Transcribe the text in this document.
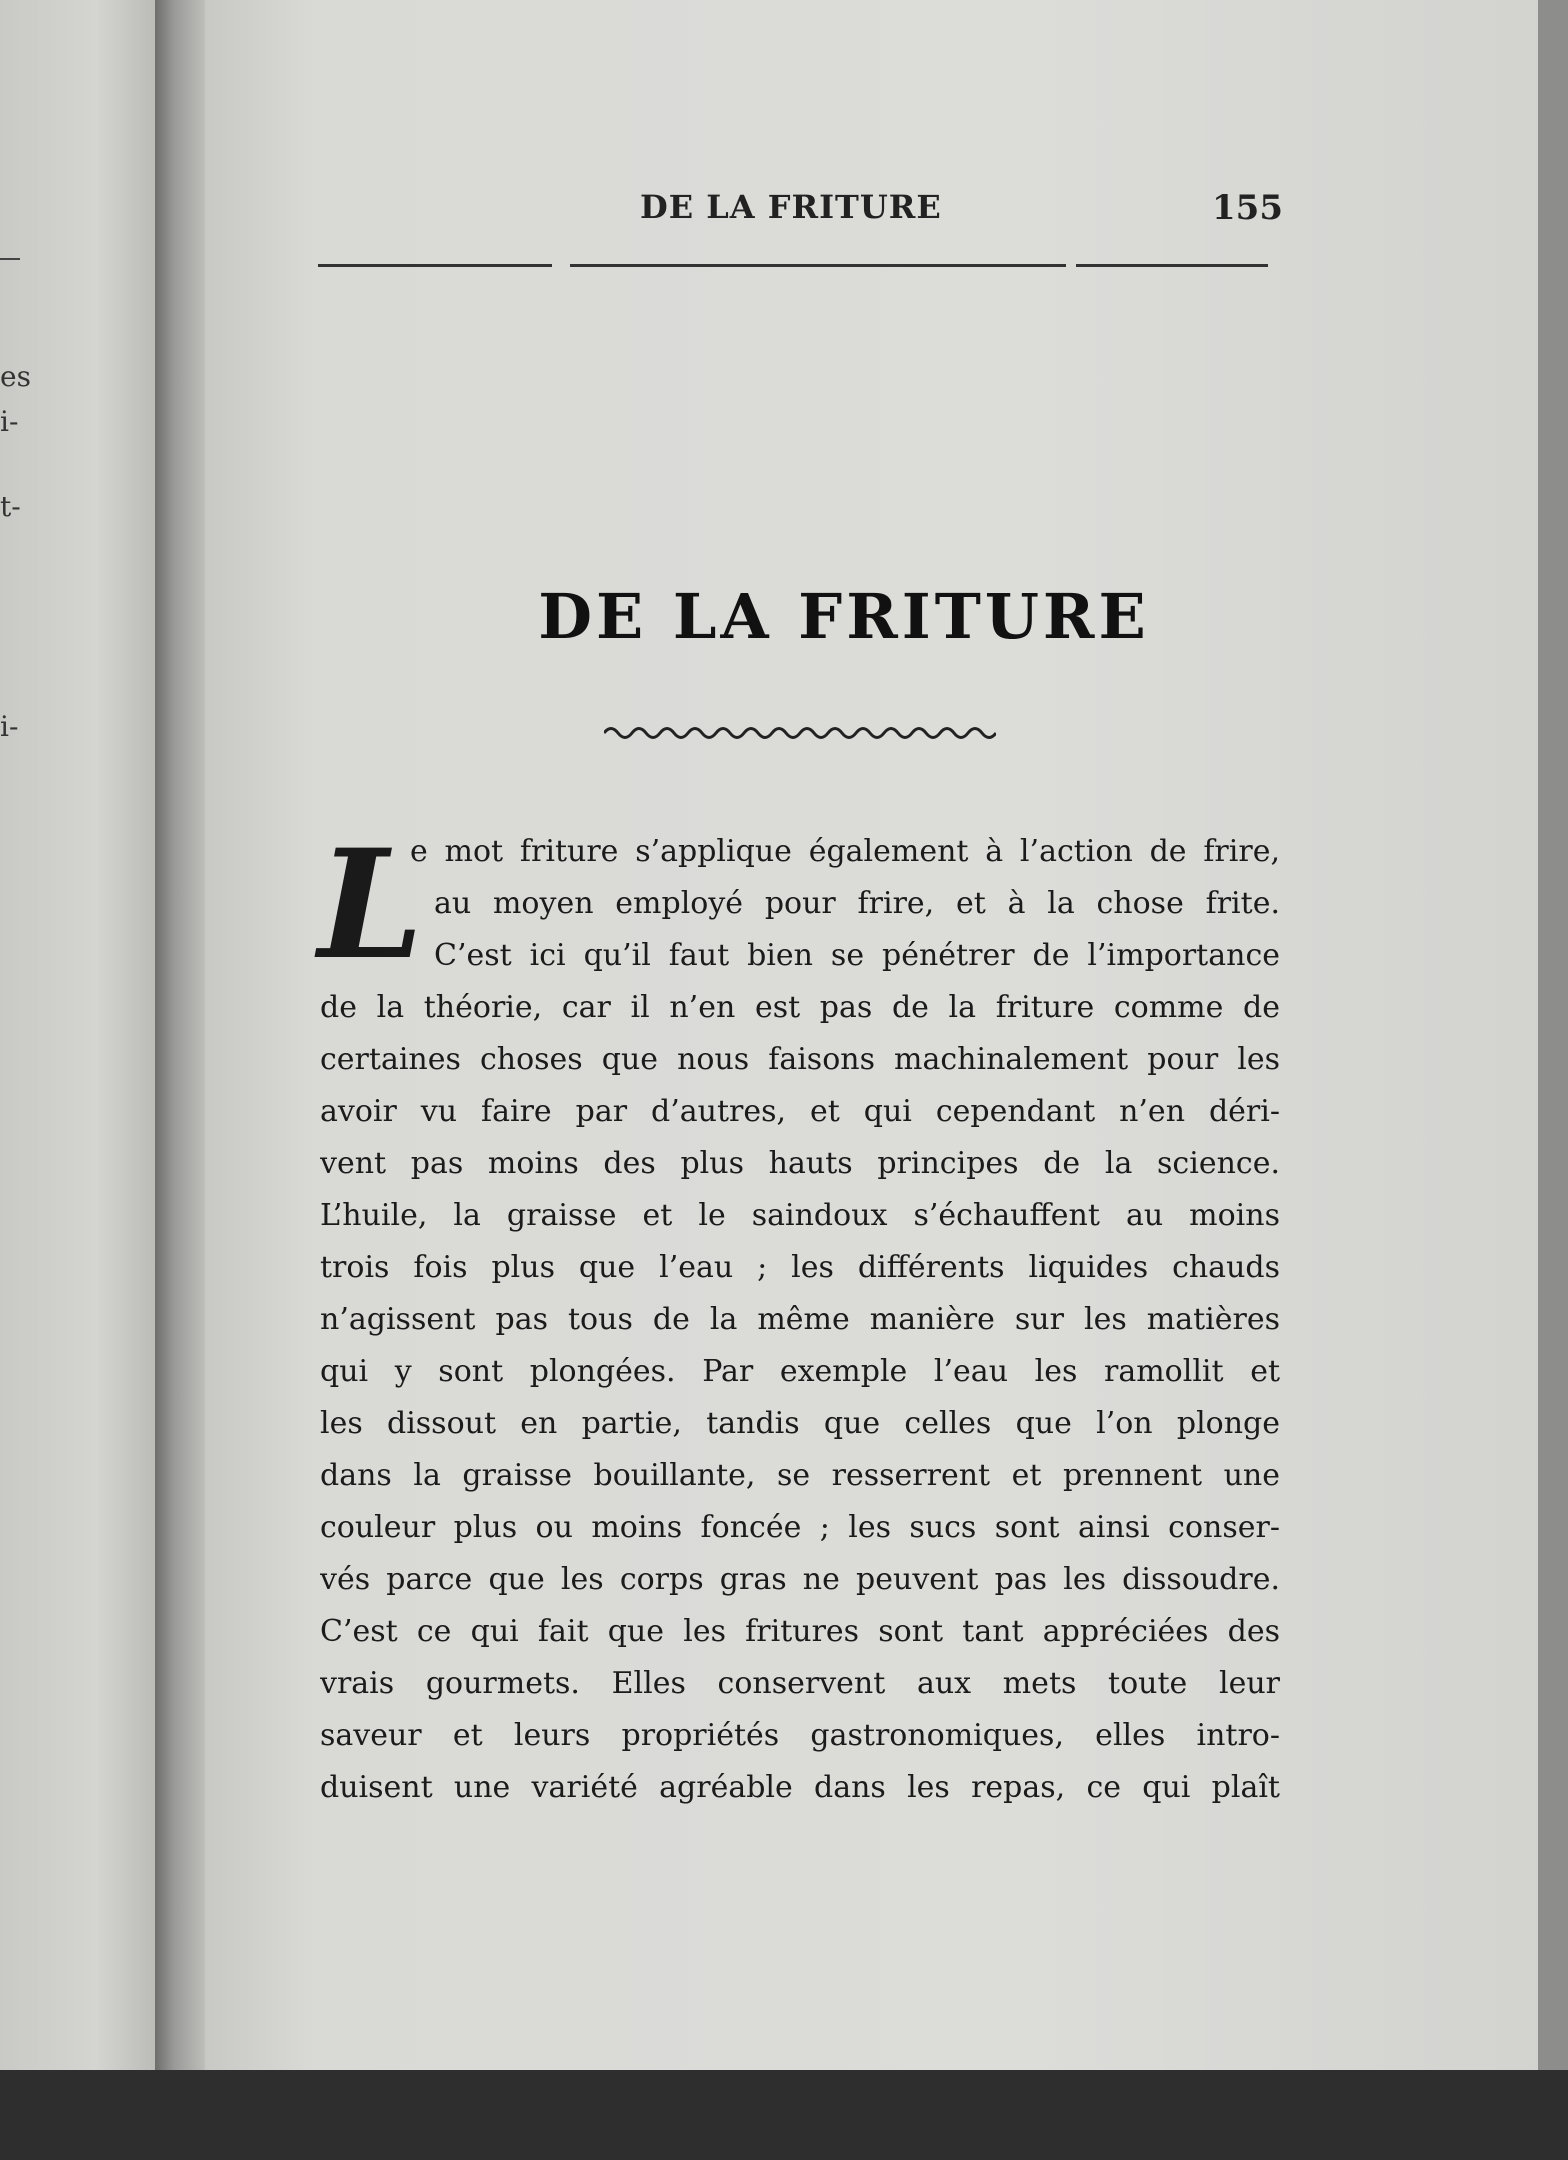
es
i-
t-
i-
DE LA FRITURE	155
DE LA FRITURE
L
e mot friture s’applique également à l’action de frire,
au moyen employé pour frire, et à la chose frite.
C’est ici qu’il faut bien se pénétrer de l’importance
de la théorie, car il n’en est pas de la friture comme de
certaines choses que nous faisons machinalement pour les
avoir vu faire par d’autres, et qui cependant n’en déri-
vent pas moins des plus hauts principes de la science.
L’huile, la graisse et le saindoux s’échauffent au moins
trois fois plus que l’eau ; les différents liquides chauds
n’agissent pas tous de la même manière sur les matières
qui y sont plongées. Par exemple l’eau les ramollit et
les dissout en partie, tandis que celles que l’on plonge
dans la graisse bouillante, se resserrent et prennent une
couleur plus ou moins foncée ; les sucs sont ainsi conser-
vés parce que les corps gras ne peuvent pas les dissoudre.
C’est ce qui fait que les fritures sont tant appréciées des
vrais gourmets. Elles conservent aux mets toute leur
saveur et leurs propriétés gastronomiques, elles intro-
duisent une variété agréable dans les repas, ce qui plaît
